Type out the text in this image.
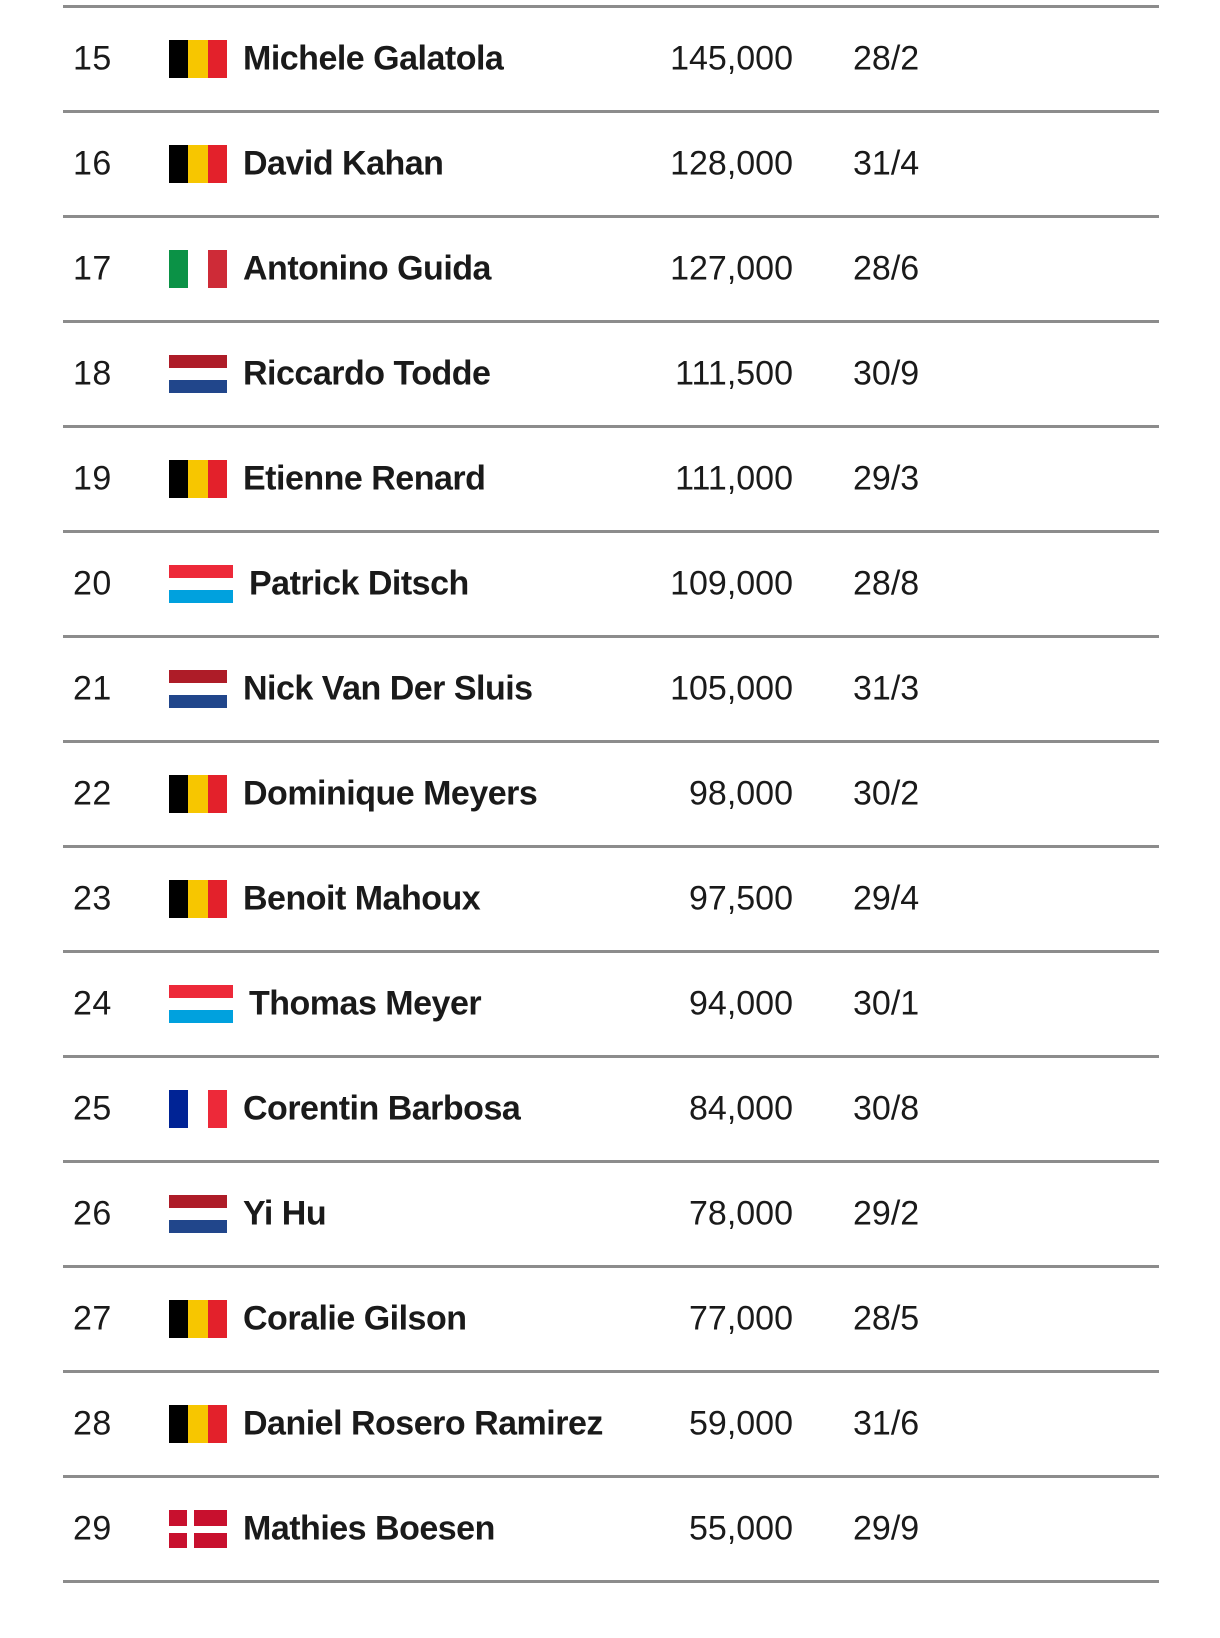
15	Michele Galatola	145,000 28/2
16	David Kahan	128,000 31/4
17	Antonino Guida	127,000 28/6
18	Riccardo Todde	111,500 30/9
19	Etienne Renard	111,000 29/3
20	Patrick Ditsch	109,000 28/8
21	Nick Van Der Sluis	105,000 31/3
22	Dominique Meyers	98,000 30/2
23	Benoit Mahoux	97,500 29/4
24	Thomas Meyer	94,000 30/1
25	Corentin Barbosa	84,000 30/8
26	Yi Hu	78,000 29/2
27	Coralie Gilson	77,000 28/5
28	Daniel Rosero Ramirez	59,000 31/6
29	Mathies Boesen	55,000 29/9
